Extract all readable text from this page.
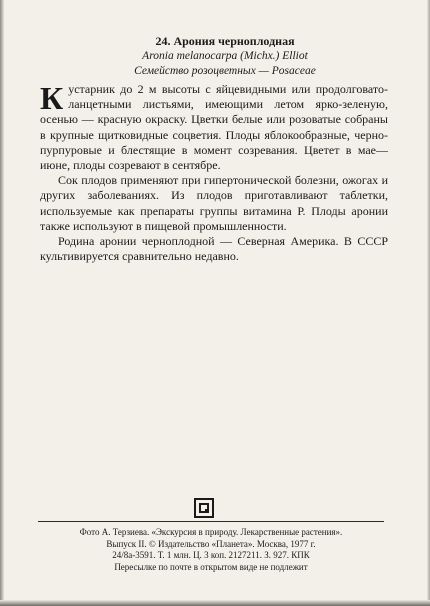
24. Арония черноплодная
Aronia melanocarpa (Michx.) Elliot
Семейство розоцветных — Posaceae

Кустарник до 2 м высоты с яйцевидными или продолговато-ланцетными листьями, имеющими летом ярко-зеленую, осенью — красную окраску. Цветки белые или розоватые собраны в крупные щитковидные соцветия. Плоды яблокообразные, черно-пурпуровые и блестящие в момент созревания. Цветет в мае—июне, плоды созревают в сентябре.

Сок плодов применяют при гипертонической болезни, ожогах и других заболеваниях. Из плодов приготавливают таблетки, используемые как препараты группы витамина Р. Плоды аронии также используют в пищевой промышленности.

Родина аронии черноплодной — Северная Америка. В СССР культивируется сравнительно недавно.

Фото А. Терзиева. «Экскурсия в природу. Лекарственные растения».
Выпуск II. © Издательство «Планета». Москва, 1977 г.
24/8а-3591. Т. 1 млн. Ц. 3 коп. 2127211. З. 927. КПК
Пересылке по почте в открытом виде не подлежит
